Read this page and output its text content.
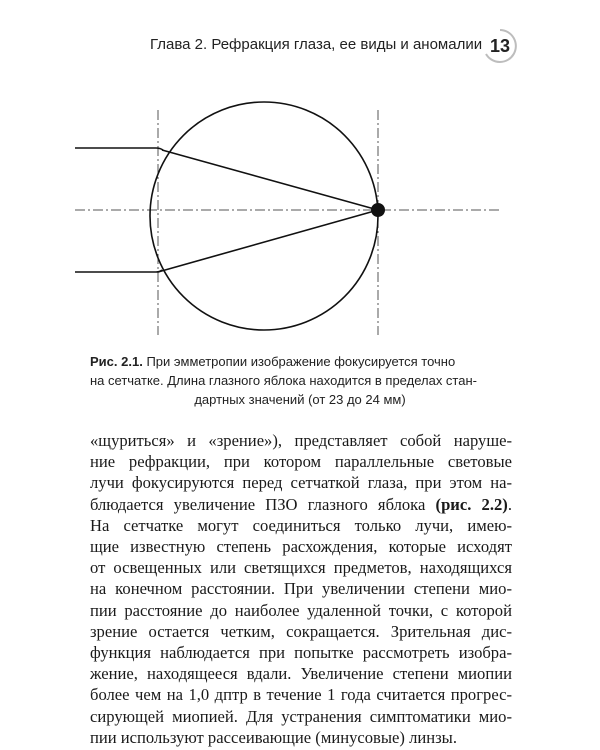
Глава 2. Рефракция глаза, ее виды и аномалии 13
Рис. 2.1. При эмметропии изображение фокусируется точно
на сетчатке. Длина глазного яблока находится в пределах стан-
дартных значений (от 23 до 24 мм)
«щуриться» и «зрение»), представляет собой наруше-
ние рефракции, при котором параллельные световые
лучи фокусируются перед сетчаткой глаза, при этом на-
блюдается увеличение ПЗО глазного яблока (рис. 2.2).
На сетчатке могут соединиться только лучи, имею-
щие известную степень расхождения, которые исходят
от освещенных или светящихся предметов, находящихся
на конечном расстоянии. При увеличении степени мио-
пии расстояние до наиболее удаленной точки, с которой
зрение остается четким, сокращается. Зрительная дис-
функция наблюдается при попытке рассмотреть изобра-
жение, находящееся вдали. Увеличение степени миопии
более чем на 1,0 дптр в течение 1 года считается прогрес-
сирующей миопией. Для устранения симптоматики мио-
пии используют рассеивающие (минусовые) линзы.
